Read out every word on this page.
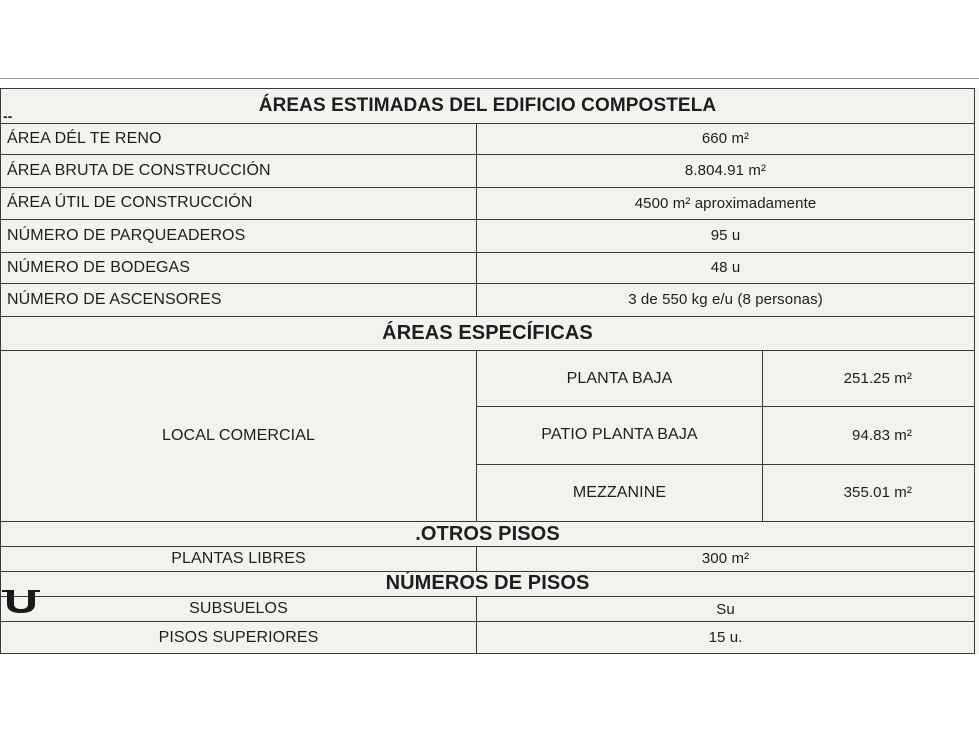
ÁREAS ESTIMADAS DEL EDIFICIO COMPOSTELA		
ÁREA DÉL TE RENO	660 m²	
ÁREA BRUTA DE CONSTRUCCIÓN	8.804.91 m²	
ÁREA ÚTIL DE CONSTRUCCIÓN	4500 m² aproximadamente	
NÚMERO DE PARQUEADEROS	95 u	
NÚMERO DE BODEGAS	48 u	
NÚMERO DE ASCENSORES	3 de 550 kg e/u (8 personas)	
ÁREAS ESPECÍFICAS		
LOCAL COMERCIAL	PLANTA BAJA	251.25 m²
	PATIO PLANTA BAJA	94.83 m²
	MEZZANINE	355.01 m²
.OTROS PISOS		
PLANTAS LIBRES	300 m²	
NÚMEROS DE PISOS		
SUBSUELOS	Su	
PISOS SUPERIORES	15 u.	
--
